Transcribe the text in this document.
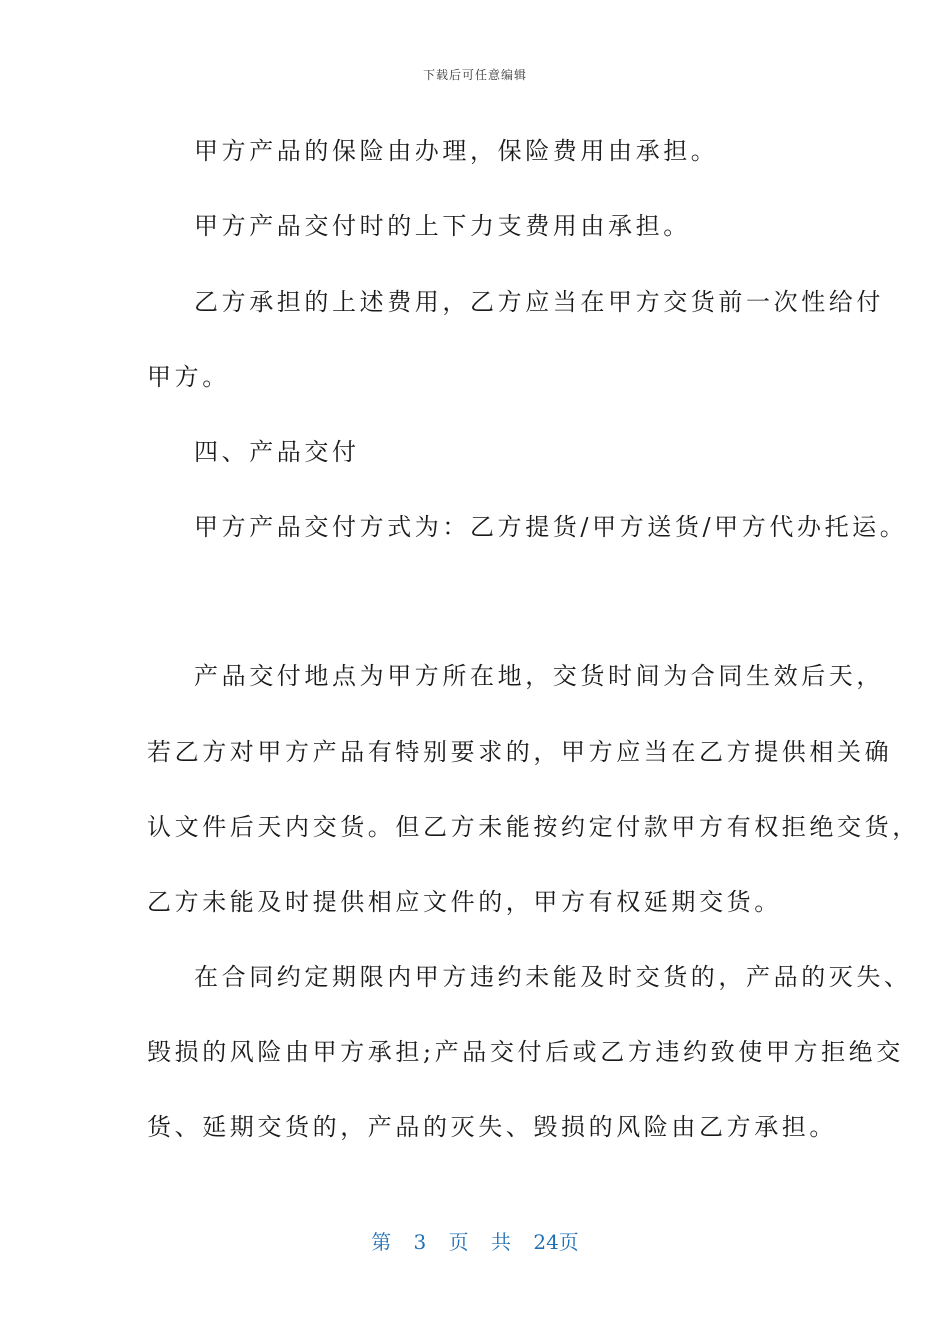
下载后可任意编辑
甲方产品的保险由办理，保险费用由承担。
甲方产品交付时的上下力支费用由承担。
乙方承担的上述费用，乙方应当在甲方交货前一次性给付
甲方。
四、产品交付
甲方产品交付方式为：乙方提货/甲方送货/甲方代办托运。
产品交付地点为甲方所在地，交货时间为合同生效后天，
若乙方对甲方产品有特别要求的，甲方应当在乙方提供相关确
认文件后天内交货。但乙方未能按约定付款甲方有权拒绝交货，
乙方未能及时提供相应文件的，甲方有权延期交货。
在合同约定期限内甲方违约未能及时交货的，产品的灭失、
毁损的风险由甲方承担;产品交付后或乙方违约致使甲方拒绝交
货、延期交货的，产品的灭失、毁损的风险由乙方承担。
第 3 页 共 24页
